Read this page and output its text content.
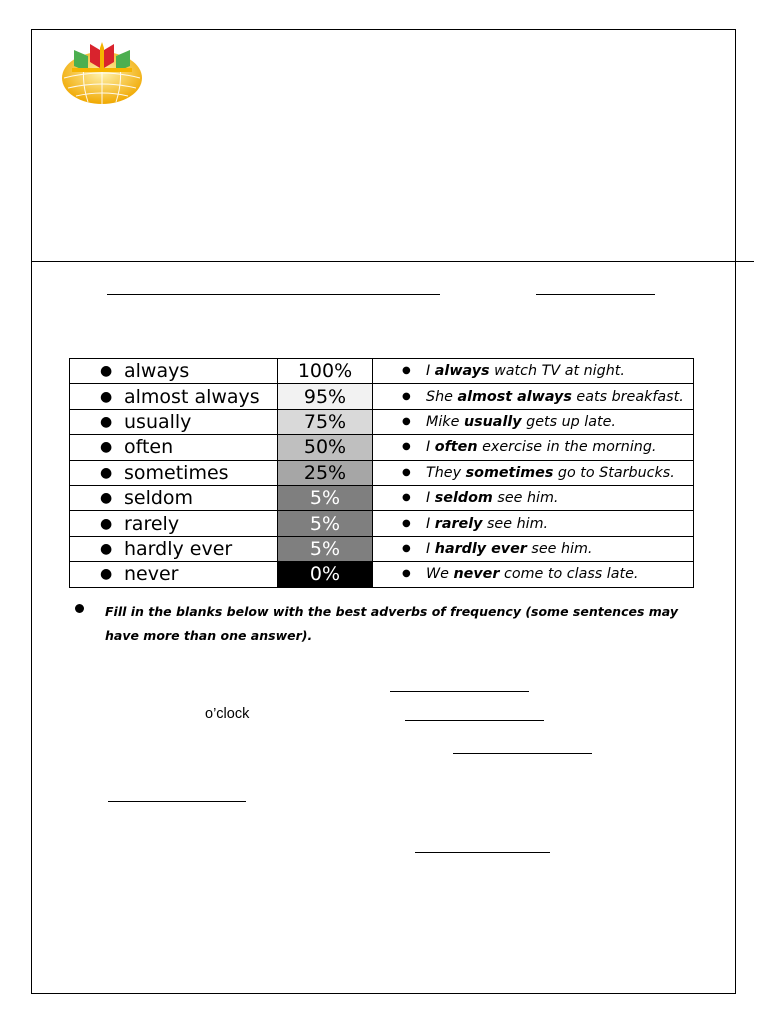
● always	100%	● I always watch TV at night.
● almost always	95%	● She almost always eats breakfast.
● usually	75%	● Mike usually gets up late.
● often	50%	● I often exercise in the morning.
● sometimes	25%	● They sometimes go to Starbucks.
● seldom	5%	● I seldom see him.
● rarely	5%	● I rarely see him.
● hardly ever	5%	● I hardly ever see him.
● never	0%	● We never come to class late.
Fill in the blanks below with the best adverbs of frequency (some sentences may have more than one answer).
o’clock
